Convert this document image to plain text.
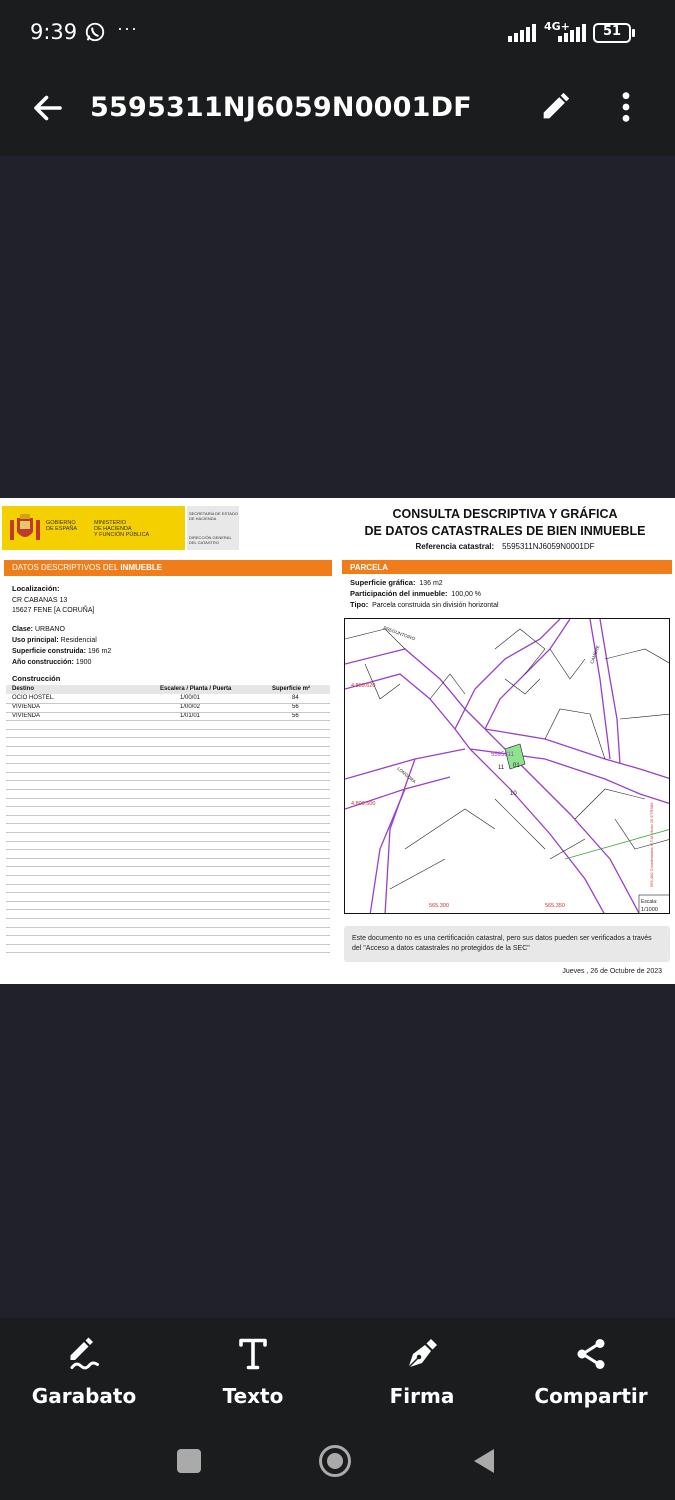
9:39 ···	4G+	51
5595311NJ6059N0001DF
GOBIERNO
DE ESPAÑA
MINISTERIO
DE HACIENDA
Y FUNCIÓN PÚBLICA
SECRETARÍA DE ESTADO
DE HACIENDA
DIRECCIÓN GENERAL
DEL CATASTRO
CONSULTA DESCRIPTIVA Y GRÁFICA
DE DATOS CATASTRALES DE BIEN INMUEBLE
Referencia catastral: 5595311NJ6059N0001DF
DATOS DESCRIPTIVOS DEL INMUEBLE
Localización:
CR CABANAS 13
15627 FENE [A CORUÑA]
Clase: URBANO
Uso principal: Residencial
Superficie construida: 196 m2
Año construcción: 1900
Construcción
Destino	Escalera / Planta / Puerta	Superficie m²
OCIO HOSTEL.	1/00/01	84
VIVIENDA	1/00/02	56
VIVIENDA	1/01/01	56
PARCELA
Superficie gráfica: 136 m2
Participación del inmueble: 100,00 %
Tipo: Parcela construida sin división horizontal
5595311
11 01
10
4.809.620
4.809.500
565.300	565.350
PREGUNTOIRO
CAMBRE
LONGORA
Escala:
1/1000
565.400 Coordenadas U.T.M. Huso 29 ETRS89
Este documento no es una certificación catastral, pero sus datos pueden ser verificados a través del "Acceso a datos catastrales no protegidos de la SEC"
Jueves , 26 de Octubre de 2023
Garabato	Texto	Firma	Compartir
